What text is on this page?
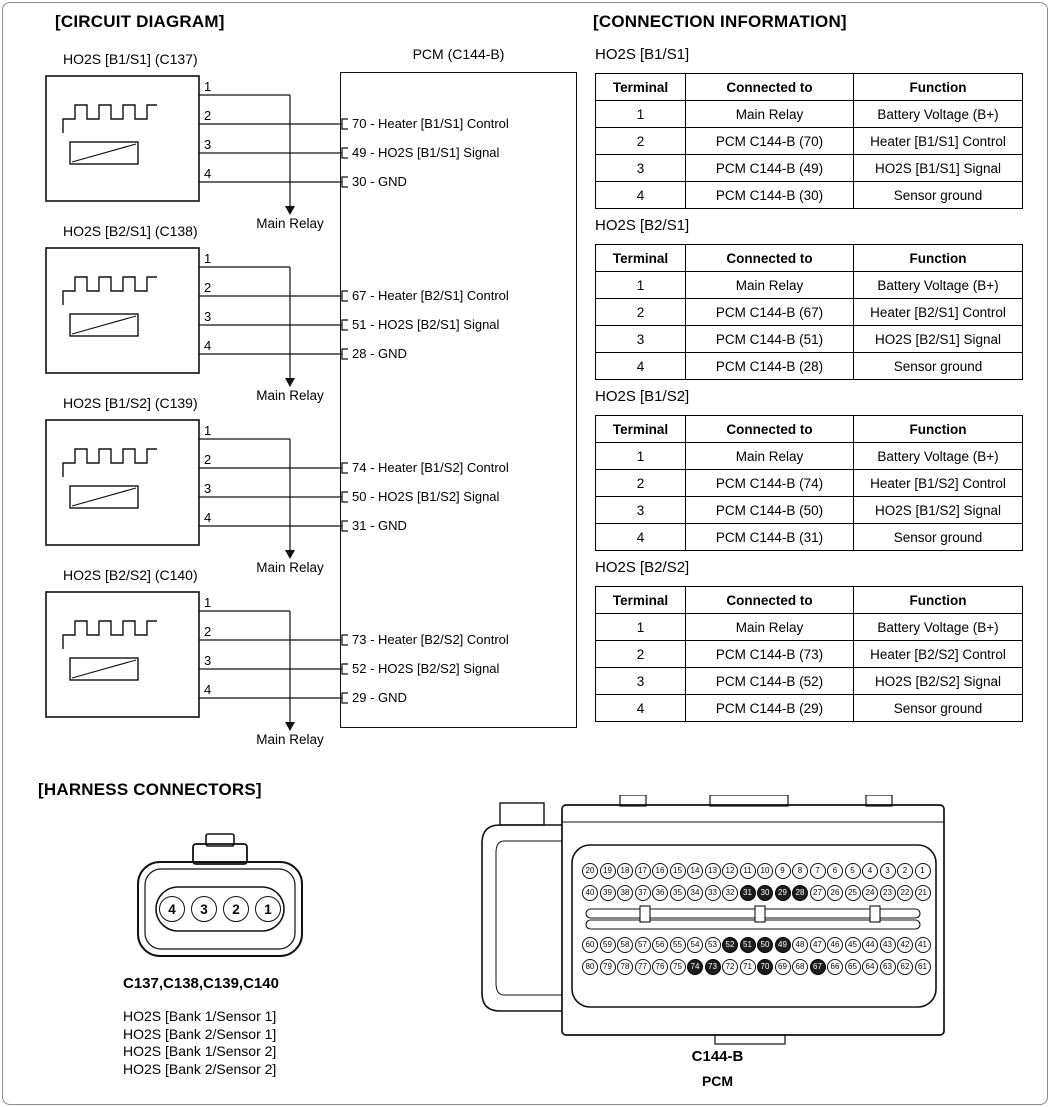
[CIRCUIT DIAGRAM]	[CONNECTION INFORMATION]
[HARNESS CONNECTORS]
PCM (C144-B)
HO2S [B1/S1] (C137)
1
2
3
4
70 - Heater [B1/S1] Control
49 - HO2S [B1/S1] Signal
30 - GND
Main Relay
HO2S [B2/S1] (C138)
1
2
3
4
67 - Heater [B2/S1] Control
51 - HO2S [B2/S1] Signal
28 - GND
Main Relay
HO2S [B1/S2] (C139)
1
2
3
4
74 - Heater [B1/S2] Control
50 - HO2S [B1/S2] Signal
31 - GND
Main Relay
HO2S [B2/S2] (C140)
1
2
3
4
73 - Heater [B2/S2] Control
52 - HO2S [B2/S2] Signal
29 - GND
Main Relay
HO2S [B1/S1]
Terminal	Connected to	Function
1	Main Relay	Battery Voltage (B+)
2	PCM C144-B (70)	Heater [B1/S1] Control
3	PCM C144-B (49)	HO2S [B1/S1] Signal
4	PCM C144-B (30)	Sensor ground
HO2S [B2/S1]
Terminal	Connected to	Function
1	Main Relay	Battery Voltage (B+)
2	PCM C144-B (67)	Heater [B2/S1] Control
3	PCM C144-B (51)	HO2S [B2/S1] Signal
4	PCM C144-B (28)	Sensor ground
HO2S [B1/S2]
Terminal	Connected to	Function
1	Main Relay	Battery Voltage (B+)
2	PCM C144-B (74)	Heater [B1/S2] Control
3	PCM C144-B (50)	HO2S [B1/S2] Signal
4	PCM C144-B (31)	Sensor ground
HO2S [B2/S2]
Terminal	Connected to	Function
1	Main Relay	Battery Voltage (B+)
2	PCM C144-B (73)	Heater [B2/S2] Control
3	PCM C144-B (52)	HO2S [B2/S2] Signal
4	PCM C144-B (29)	Sensor ground
4	3	2	1
C137,C138,C139,C140
HO2S [Bank 1/Sensor 1]
HO2S [Bank 2/Sensor 1]
HO2S [Bank 1/Sensor 2]
HO2S [Bank 2/Sensor 2]
20	19	18	17	16	15	14	13	12	11	10	9	8	7	6	5	4	3	2	1
40	39	38	37	36	35	34	33	32	31	30	29	28	27	26	25	24	23	22	21
60	59	58	57	56	55	54	53	52	51	50	49	48	47	46	45	44	43	42	41
80	79	78	77	76	75	74	73	72	71	70	69	68	67	66	65	64	63	62	61
C144-B
PCM
